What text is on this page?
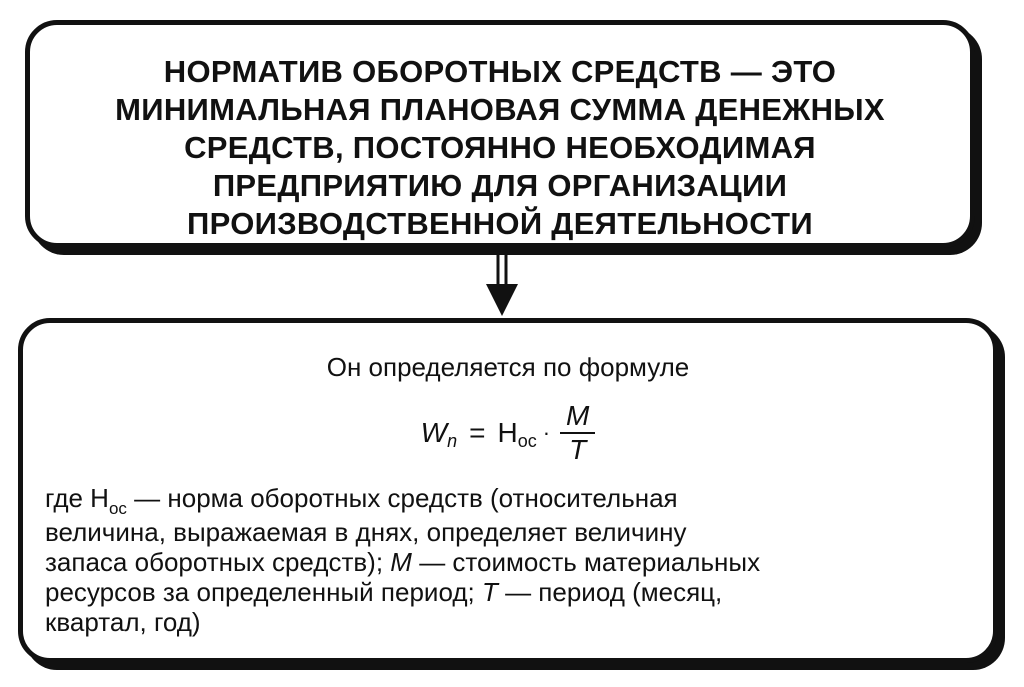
НОРМАТИВ ОБОРОТНЫХ СРЕДСТВ — ЭТО
МИНИМАЛЬНАЯ ПЛАНОВАЯ СУММА ДЕНЕЖНЫХ
СРЕДСТВ, ПОСТОЯННО НЕОБХОДИМАЯ
ПРЕДПРИЯТИЮ ДЛЯ ОРГАНИЗАЦИИ
ПРОИЗВОДСТВЕННОЙ ДЕЯТЕЛЬНОСТИ
Он определяется по формуле
W n = Н ос · $\frac{M}{T}$
где $Н_{ос}$ — норма оборотных средств (относительная
величина, выражаемая в днях, определяет величину
запаса оборотных средств); M — стоимость материальных
ресурсов за определенный период; T — период (месяц,
квартал, год)
